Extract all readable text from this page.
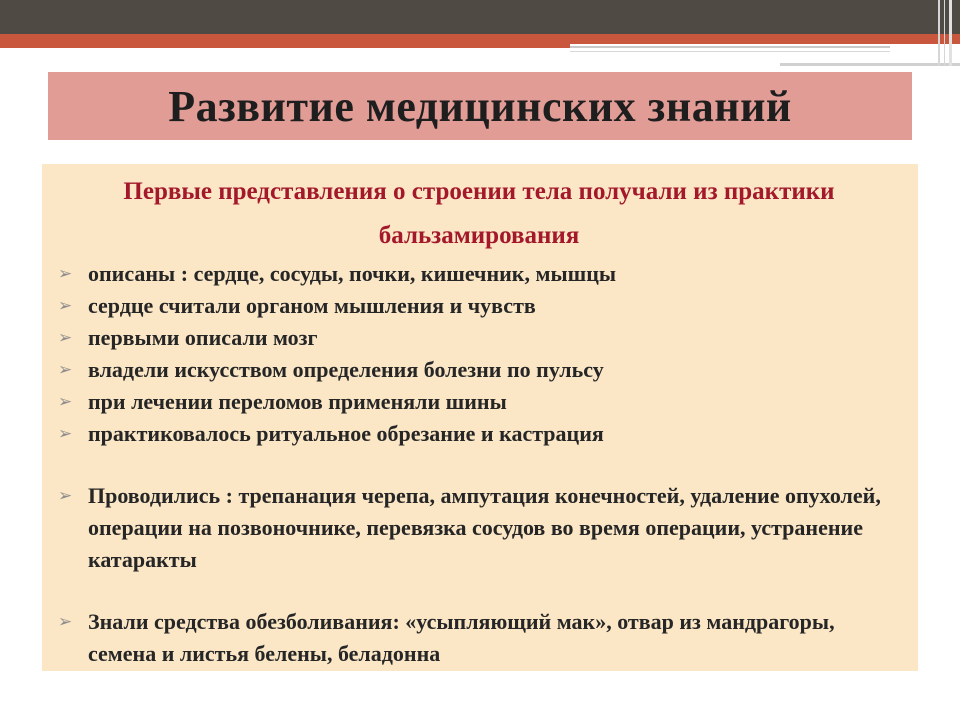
Развитие медицинских знаний

Первые представления о строении тела получали из практики бальзамирования

➢ описаны : сердце, сосуды, почки, кишечник, мышцы
➢ сердце считали органом мышления и чувств
➢ первыми описали мозг
➢ владели искусством определения болезни по пульсу
➢ при лечении переломов применяли шины
➢ практиковалось ритуальное обрезание и кастрация
➢ Проводились : трепанация черепа, ампутация конечностей, удаление опухолей, операции на позвоночнике, перевязка сосудов во время операции, устранение катаракты
➢ Знали средства обезболивания: «усыпляющий мак», отвар из мандрагоры, семена и листья белены, беладонна
